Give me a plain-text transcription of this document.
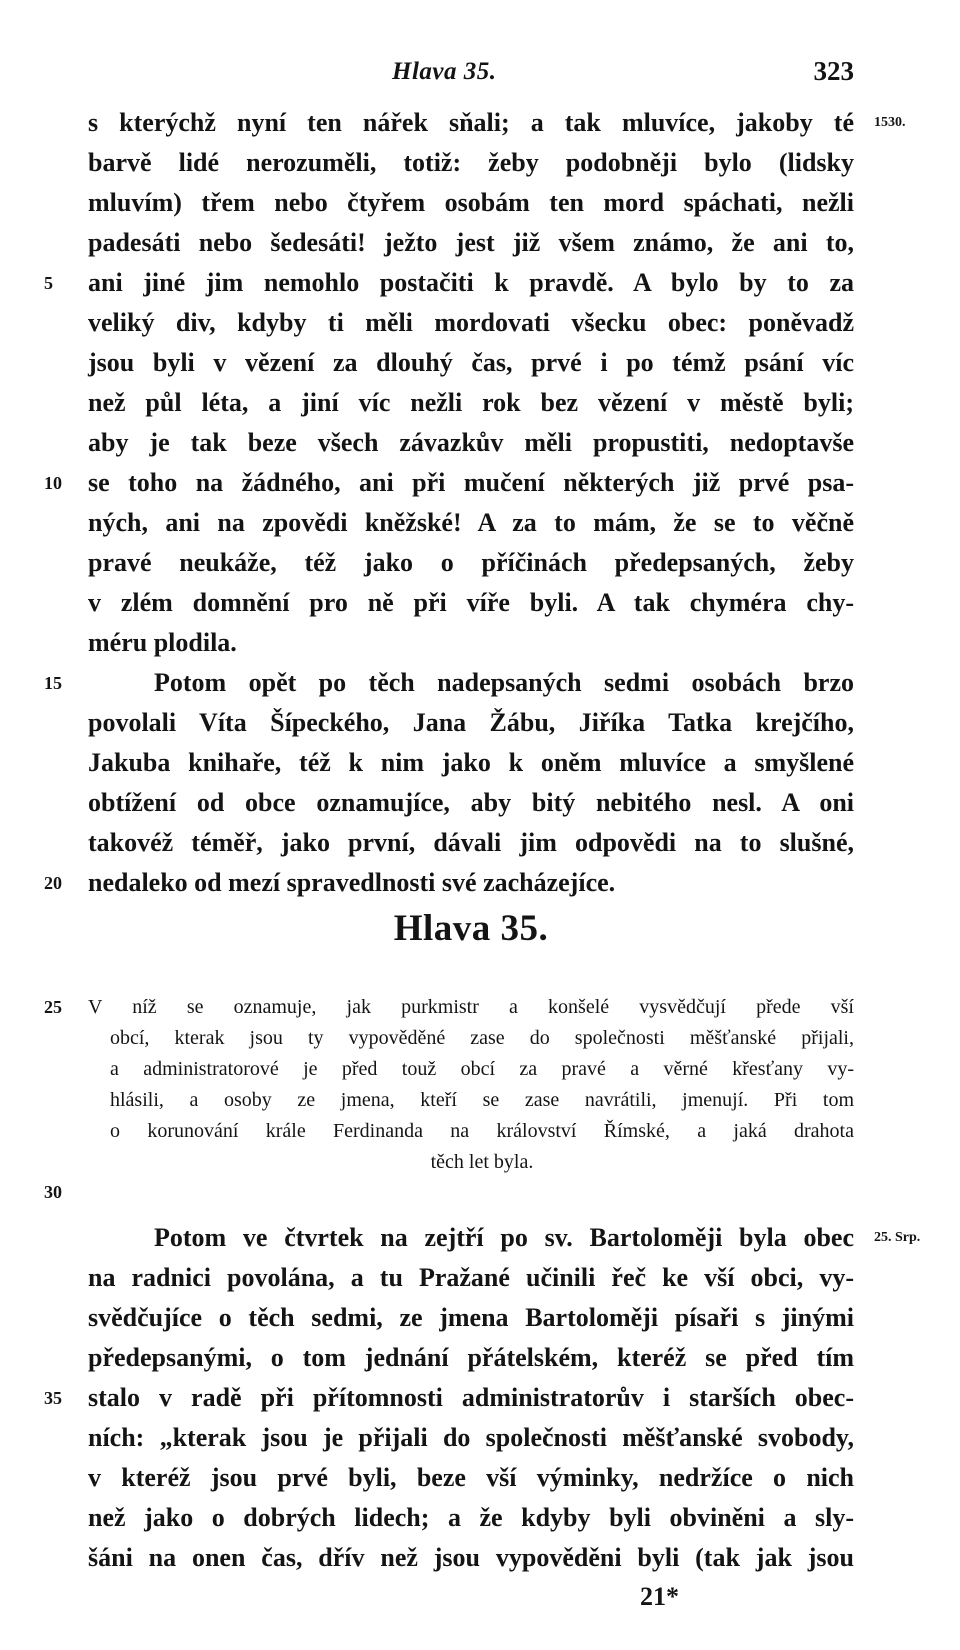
Hlava 35.	323
s kterýchž nyní ten nářek sňali; a tak mluvíce, jakoby té
barvě lidé nerozuměli, totiž: žeby podobněji bylo (lidsky
mluvím) třem nebo čtyřem osobám ten mord spáchati, nežli
padesáti nebo šedesáti! ježto jest již všem známo, že ani to,
ani jiné jim nemohlo postačiti k pravdě. A bylo by to za
veliký div, kdyby ti měli mordovati všecku obec: poněvadž
jsou byli v vězení za dlouhý čas, prvé i po témž psání víc
než půl léta, a jiní víc nežli rok bez vězení v městě byli;
aby je tak beze všech závazkův měli propustiti, nedoptavše
se toho na žádného, ani při mučení některých již prvé psa-
ných, ani na zpovědi kněžské! A za to mám, že se to věčně
pravé neukáže, též jako o příčinách předepsaných, žeby
v zlém domnění pro ně při víře byli. A tak chyméra chy-
méru plodila.
Potom opět po těch nadepsaných sedmi osobách brzo
povolali Víta Šípeckého, Jana Žábu, Jiříka Tatka krejčího,
Jakuba knihaře, též k nim jako k oněm mluvíce a smyšlené
obtížení od obce oznamujíce, aby bitý nebitého nesl. A oni
takovéž téměř, jako první, dávali jim odpovědi na to slušné,
nedaleko od mezí spravedlnosti své zacházejíce.
Hlava 35.
V níž se oznamuje, jak purkmistr a konšelé vysvědčují přede vší
obcí, kterak jsou ty vypověděné zase do společnosti měšťanské přijali,
a administratorové je před touž obcí za pravé a věrné křesťany vy-
hlásili, a osoby ze jmena, kteří se zase navrátili, jmenují. Při tom
o korunování krále Ferdinanda na království Římské, a jaká drahota
těch let byla.
Potom ve čtvrtek na zejtří po sv. Bartoloměji byla obec
na radnici povolána, a tu Pražané učinili řeč ke vší obci, vy-
svědčujíce o těch sedmi, ze jmena Bartoloměji písaři s jinými
předepsanými, o tom jednání přátelském, kteréž se před tím
stalo v radě při přítomnosti administratorův i starších obec-
ních: „kterak jsou je přijali do společnosti měšťanské svobody,
v kteréž jsou prvé byli, beze vší výminky, nedržíce o nich
než jako o dobrých lidech; a že kdyby byli obviněni a sly-
šáni na onen čas, dřív než jsou vypověděni byli (tak jak jsou
5
10
15
20
25
30
35
1530.
25. Srp.
21*
